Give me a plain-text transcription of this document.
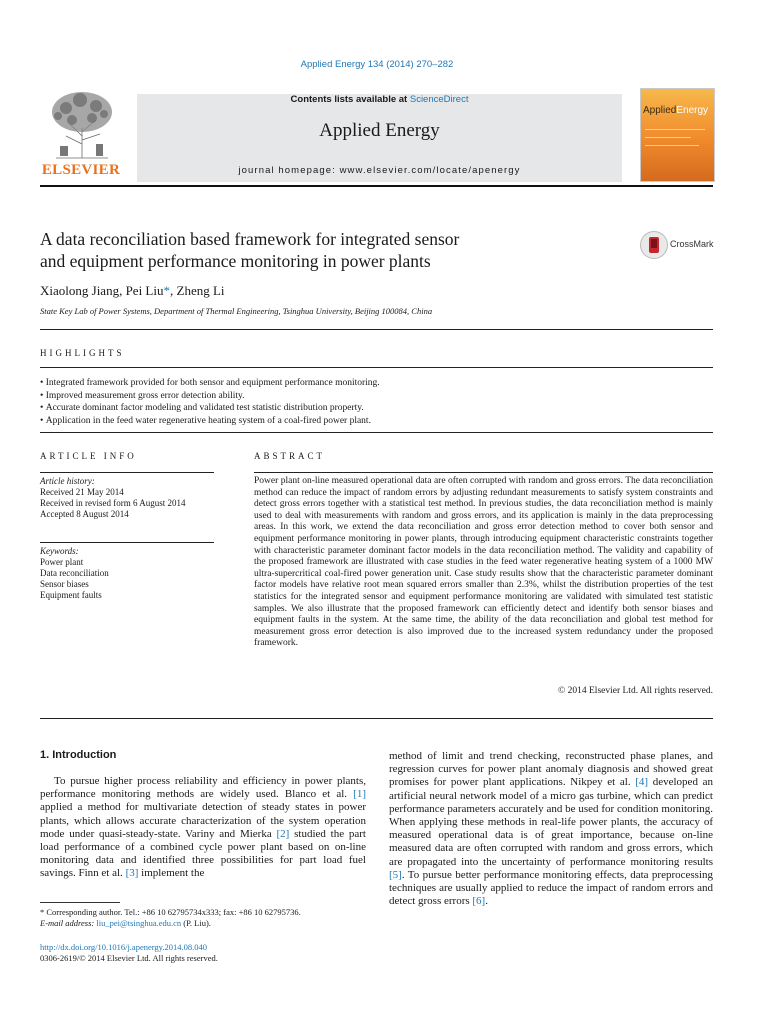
Applied Energy 134 (2014) 270–282
ELSEVIER
Contents lists available at ScienceDirect
Applied Energy
journal homepage: www.elsevier.com/locate/apenergy
AppliedEnergy
A data reconciliation based framework for integrated sensor
and equipment performance monitoring in power plants
CrossMark
Xiaolong Jiang, Pei Liu*, Zheng Li
State Key Lab of Power Systems, Department of Thermal Engineering, Tsinghua University, Beijing 100084, China
HIGHLIGHTS
• Integrated framework provided for both sensor and equipment performance monitoring.
• Improved measurement gross error detection ability.
• Accurate dominant factor modeling and validated test statistic distribution property.
• Application in the feed water regenerative heating system of a coal-fired power plant.
ARTICLE INFO
Article history:
Received 21 May 2014
Received in revised form 6 August 2014
Accepted 8 August 2014
Keywords:
Power plant
Data reconciliation
Sensor biases
Equipment faults
ABSTRACT
Power plant on-line measured operational data are often corrupted with random and gross errors. The data reconciliation method can reduce the impact of random errors by adjusting redundant measurements to satisfy system constraints and detect gross errors together with a statistical test method. In previous studies, the data reconciliation method is mainly used to deal with measurements with random and gross errors, and its application is mainly in the data preprocessing areas. In this work, we extend the data reconciliation and gross error detection method to cover both sensor and equipment performance monitoring in power plants, through introducing equipment characteristic constraints together with characteristic parameter dominant factor models in the data reconciliation method. The validity and capability of the proposed framework are illustrated with case studies in the feed water regenerative heating system of a 1000 MW ultra-supercritical coal-fired power generation unit. Case study results show that the characteristic parameter dominant factor models have relative root mean squared errors smaller than 2.3%, whilst the distribution properties of the test statistics for the integrated sensor and equipment performance monitoring are validated with simulated test statistic samples. We also illustrate that the proposed framework can efficiently detect and identify both sensor biases and equipment faults in the system. At the same time, the ability of the data reconciliation and global test method for measurement gross error detection is also improved due to the increased system redundancy under the proposed framework.
© 2014 Elsevier Ltd. All rights reserved.
1. Introduction
To pursue higher process reliability and efficiency in power plants, performance monitoring methods are widely used. Blanco et al. [1] applied a method for multivariate detection of steady states in power plants, which allows accurate characterization of the system operation mode under quasi-steady-state. Variny and Mierka [2] studied the part load performance of a combined cycle power plant based on on-line monitoring data and identified three possibilities for part load fuel savings. Finn et al. [3] implement the
method of limit and trend checking, reconstructed phase planes, and regression curves for power plant anomaly diagnosis and showed great promises for power plant applications. Nikpey et al. [4] developed an artificial neural network model of a micro gas turbine, which can predict performance parameters accurately and be used for condition monitoring. When applying these methods in real-life power plants, the accuracy of measured operational data is of great importance, because on-line measured data are often corrupted with random and gross errors, which are propagated into the uncertainty of performance monitoring results [5]. To pursue better performance monitoring effects, data preprocessing techniques are usually applied to reduce the impact of random errors and detect gross errors [6].
* Corresponding author. Tel.: +86 10 62795734x333; fax: +86 10 62795736.
E-mail address: liu_pei@tsinghua.edu.cn (P. Liu).
http://dx.doi.org/10.1016/j.apenergy.2014.08.040
0306-2619/© 2014 Elsevier Ltd. All rights reserved.
